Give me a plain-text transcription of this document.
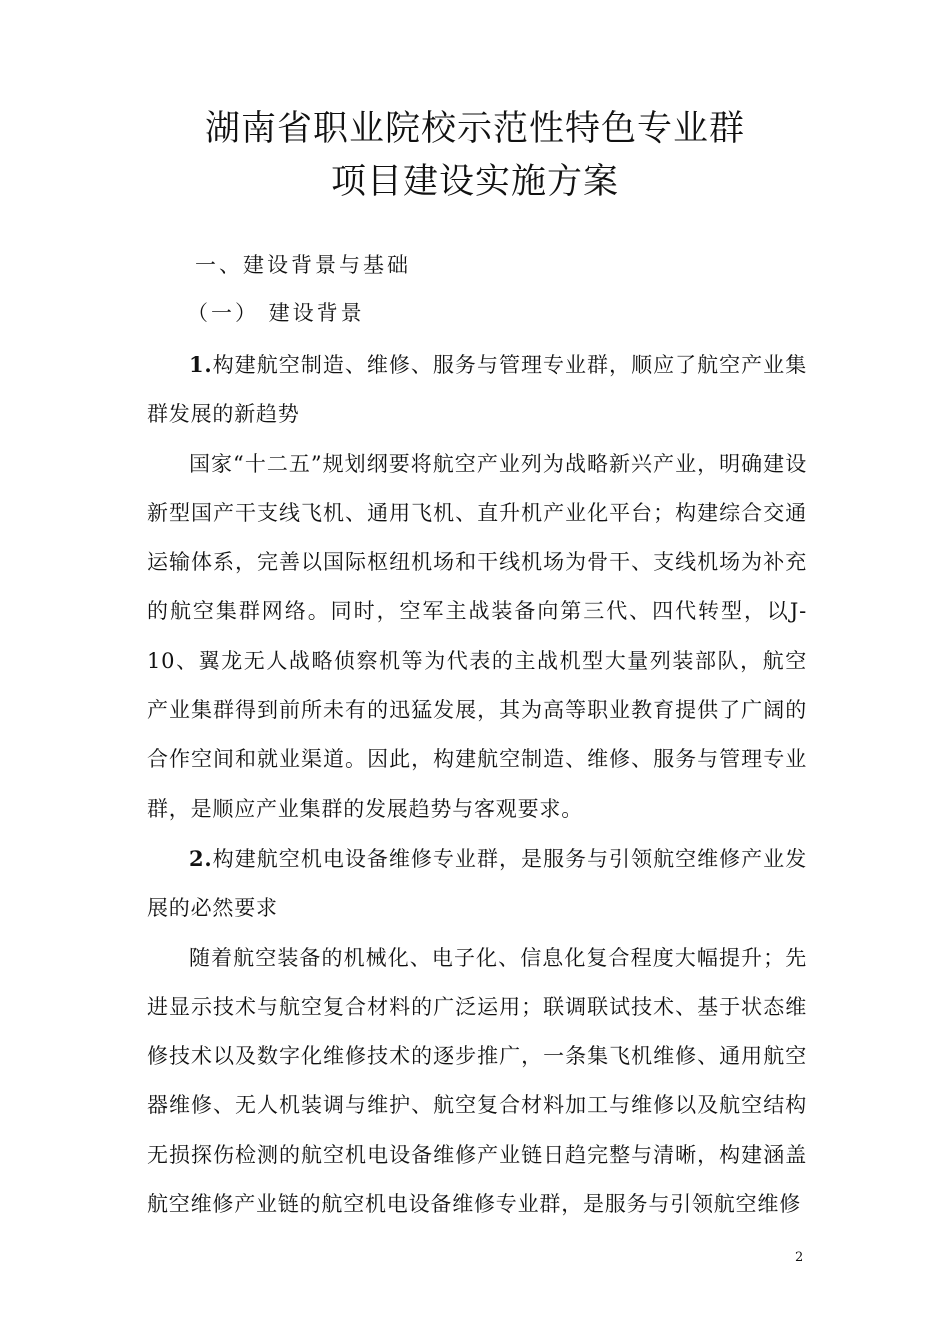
湖南省职业院校示范性特色专业群
项目建设实施方案
一、建设背景与基础
（一） 建设背景

1.构建航空制造、维修、服务与管理专业群，顺应了航空产业集群发展的新趋势

国家“十二五”规划纲要将航空产业列为战略新兴产业，明确建设新型国产干支线飞机、通用飞机、直升机产业化平台；构建综合交通运输体系，完善以国际枢纽机场和干线机场为骨干、支线机场为补充的航空集群网络。同时，空军主战装备向第三代、四代转型，以J-10、翼龙无人战略侦察机等为代表的主战机型大量列装部队，航空产业集群得到前所未有的迅猛发展，其为高等职业教育提供了广阔的合作空间和就业渠道。因此，构建航空制造、维修、服务与管理专业群，是顺应产业集群的发展趋势与客观要求。

2.构建航空机电设备维修专业群，是服务与引领航空维修产业发展的必然要求

随着航空装备的机械化、电子化、信息化复合程度大幅提升；先进显示技术与航空复合材料的广泛运用；联调联试技术、基于状态维修技术以及数字化维修技术的逐步推广，一条集飞机维修、通用航空器维修、无人机装调与维护、航空复合材料加工与维修以及航空结构无损探伤检测的航空机电设备维修产业链日趋完整与清晰，构建涵盖航空维修产业链的航空机电设备维修专业群，是服务与引领航空维修

2
